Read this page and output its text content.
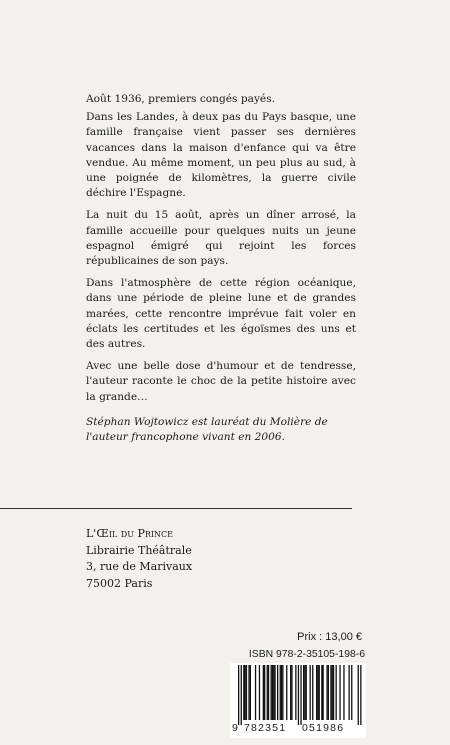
Août 1936, premiers congés payés.

Dans les Landes, à deux pas du Pays basque, une famille française vient passer ses dernières vacances dans la maison d'enfance qui va être vendue. Au même moment, un peu plus au sud, à une poignée de kilomètres, la guerre civile déchire l'Espagne.

La nuit du 15 août, après un dîner arrosé, la famille accueille pour quelques nuits un jeune espagnol émigré qui rejoint les forces républicaines de son pays.

Dans l'atmosphère de cette région océanique, dans une période de pleine lune et de grandes marées, cette rencontre imprévue fait voler en éclats les certitudes et les égoïsmes des uns et des autres.

Avec une belle dose d'humour et de tendresse, l'auteur raconte le choc de la petite histoire avec la grande…

Stéphan Wojtowicz est lauréat du Molière de l'auteur francophone vivant en 2006.

L'Œil du Prince
Librairie Théâtrale
3, rue de Marivaux
75002 Paris
Prix : 13,00 €
ISBN 978-2-35105-198-6
9 782351 051986
